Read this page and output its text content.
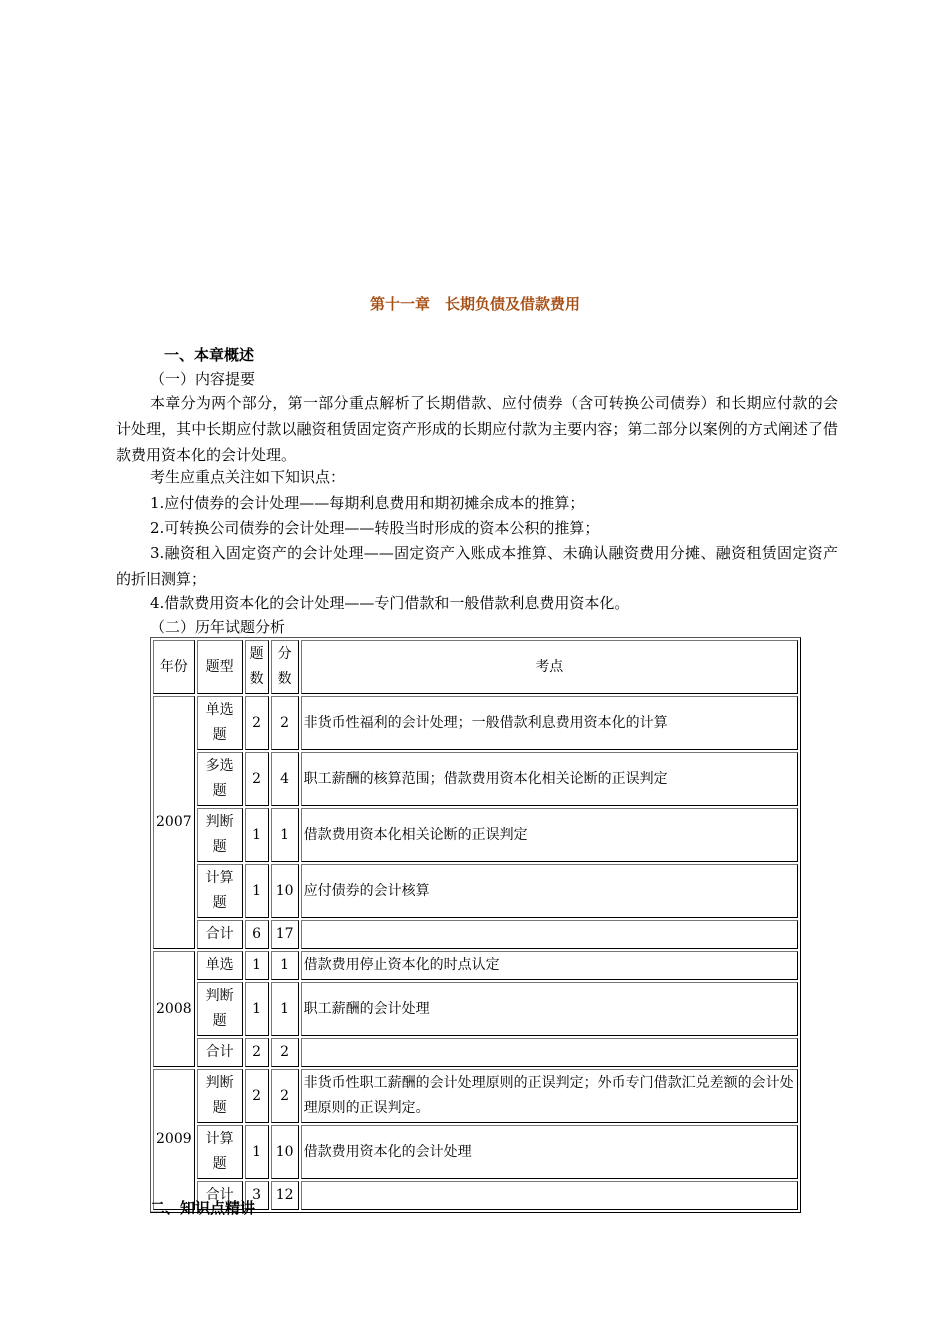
第十一章　长期负债及借款费用
一、本章概述
（一）内容提要
本章分为两个部分，第一部分重点解析了长期借款、应付债券（含可转换公司债券）和长期应付款的会计处理，其中长期应付款以融资租赁固定资产形成的长期应付款为主要内容；第二部分以案例的方式阐述了借款费用资本化的会计处理。
考生应重点关注如下知识点：
1.应付债券的会计处理——每期利息费用和期初摊余成本的推算；
2.可转换公司债券的会计处理——转股当时形成的资本公积的推算；
3.融资租入固定资产的会计处理——固定资产入账成本推算、未确认融资费用分摊、融资租赁固定资产的折旧测算；
4.借款费用资本化的会计处理——专门借款和一般借款利息费用资本化。
（二）历年试题分析
年份	题型	题数	分数	考点
2007	单选题	2	2	非货币性福利的会计处理；一般借款利息费用资本化的计算
	多选题	2	4	职工薪酬的核算范围；借款费用资本化相关论断的正误判定
	判断题	1	1	借款费用资本化相关论断的正误判定
	计算题	1	10	应付债券的会计核算
	合计	6	17	
2008	单选	1	1	借款费用停止资本化的时点认定
	判断题	1	1	职工薪酬的会计处理
	合计	2	2	
2009	判断题	2	2	非货币性职工薪酬的会计处理原则的正误判定；外币专门借款汇兑差额的会计处理原则的正误判定。
	计算题	1	10	借款费用资本化的会计处理
	合计	3	12	
二、知识点精讲
